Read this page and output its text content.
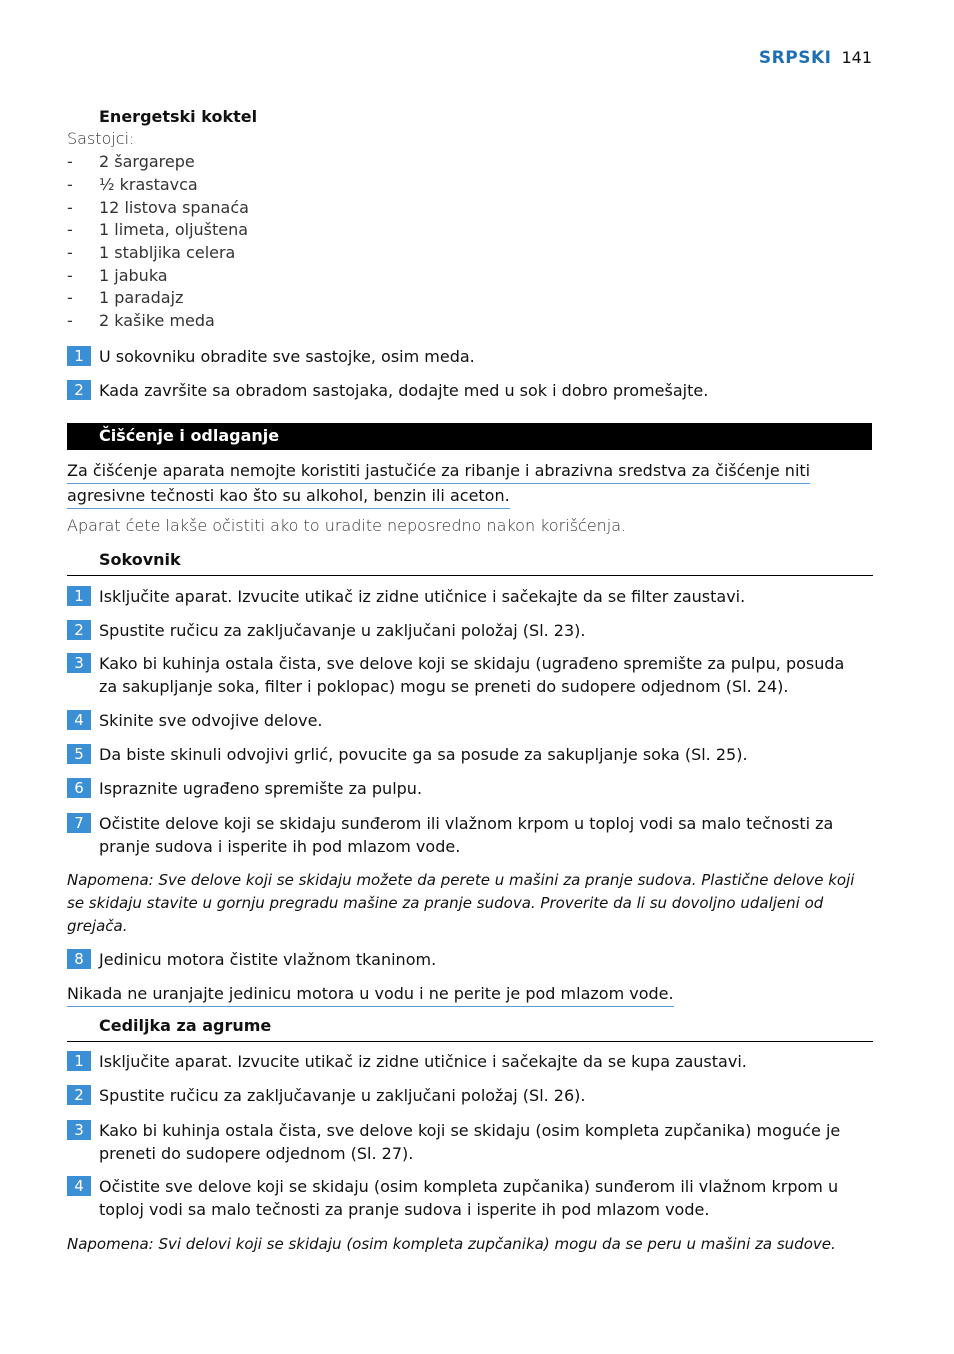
SRPSKI 141
Energetski koktel
Sastojci:
- 2 šargarepe
- ½ krastavca
- 12 listova spanaća
- 1 limeta, oljuštena
- 1 stabljika celera
- 1 jabuka
- 1 paradajz
- 2 kašike meda
1 U sokovniku obradite sve sastojke, osim meda.
2 Kada završite sa obradom sastojaka, dodajte med u sok i dobro promešajte.
Čišćenje i odlaganje
Za čišćenje aparata nemojte koristiti jastučiće za ribanje i abrazivna sredstva za čišćenje niti
agresivne tečnosti kao što su alkohol, benzin ili aceton.
Aparat ćete lakše očistiti ako to uradite neposredno nakon korišćenja.
Sokovnik
1 Isključite aparat. Izvucite utikač iz zidne utičnice i sačekajte da se filter zaustavi.
2 Spustite ručicu za zaključavanje u zaključani položaj (Sl. 23).
3 Kako bi kuhinja ostala čista, sve delove koji se skidaju (ugrađeno spremište za pulpu, posuda za sakupljanje soka, filter i poklopac) mogu se preneti do sudopere odjednom (Sl. 24).
4 Skinite sve odvojive delove.
5 Da biste skinuli odvojivi grlić, povucite ga sa posude za sakupljanje soka (Sl. 25).
6 Ispraznite ugrađeno spremište za pulpu.
7 Očistite delove koji se skidaju sunđerom ili vlažnom krpom u toploj vodi sa malo tečnosti za pranje sudova i isperite ih pod mlazom vode.
Napomena: Sve delove koji se skidaju možete da perete u mašini za pranje sudova. Plastične delove koji se skidaju stavite u gornju pregradu mašine za pranje sudova. Proverite da li su dovoljno udaljeni od grejača.
8 Jedinicu motora čistite vlažnom tkaninom.
Nikada ne uranjajte jedinicu motora u vodu i ne perite je pod mlazom vode.
Cediljka za agrume
1 Isključite aparat. Izvucite utikač iz zidne utičnice i sačekajte da se kupa zaustavi.
2 Spustite ručicu za zaključavanje u zaključani položaj (Sl. 26).
3 Kako bi kuhinja ostala čista, sve delove koji se skidaju (osim kompleta zupčanika) moguće je preneti do sudopere odjednom (Sl. 27).
4 Očistite sve delove koji se skidaju (osim kompleta zupčanika) sunđerom ili vlažnom krpom u toploj vodi sa malo tečnosti za pranje sudova i isperite ih pod mlazom vode.
Napomena: Svi delovi koji se skidaju (osim kompleta zupčanika) mogu da se peru u mašini za sudove.
